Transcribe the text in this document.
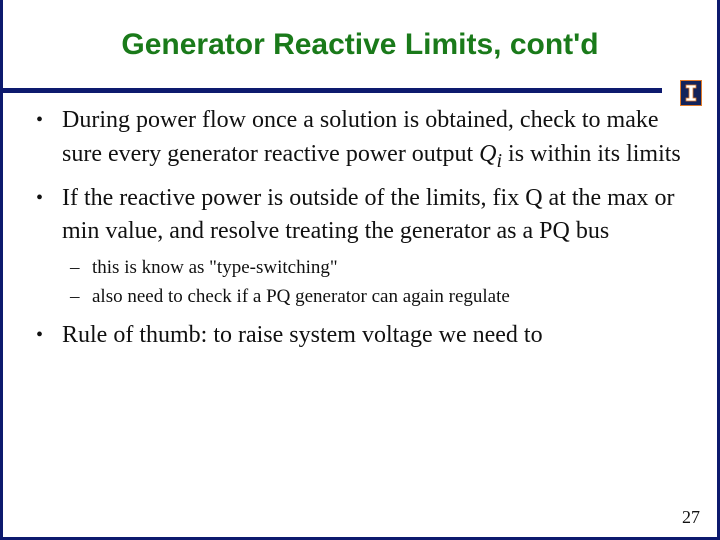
Generator Reactive Limits, cont'd
• During power flow once a solution is obtained, check to make sure every generator reactive power output $Q_i$ is within its limits
• If the reactive power is outside of the limits, fix Q at the max or min value, and resolve treating the generator as a PQ bus
– this is know as "type-switching"
– also need to check if a PQ generator can again regulate
• Rule of thumb: to raise system voltage we need to
27
